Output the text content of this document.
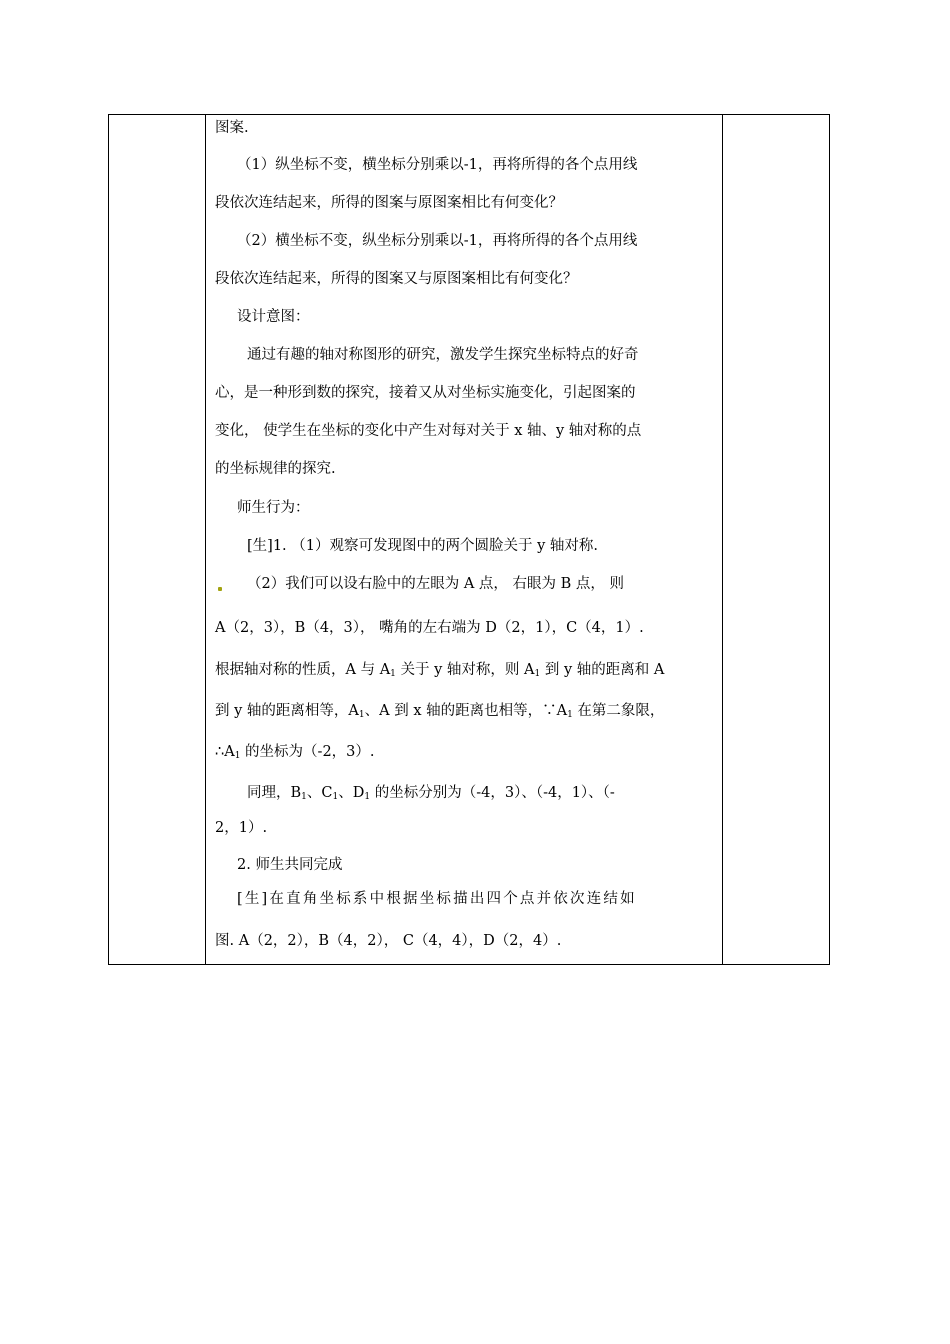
图案.
（1）纵坐标不变，横坐标分别乘以-1，再将所得的各个点用线
段依次连结起来，所得的图案与原图案相比有何变化？
（2）横坐标不变，纵坐标分别乘以-1，再将所得的各个点用线
段依次连结起来，所得的图案又与原图案相比有何变化？
设计意图：
通过有趣的轴对称图形的研究，激发学生探究坐标特点的好奇
心，是一种形到数的探究，接着又从对坐标实施变化，引起图案的
变化， 使学生在坐标的变化中产生对每对关于 x 轴、y 轴对称的点
的坐标规律的探究.
师生行为：
[生]1. （1）观察可发现图中的两个圆脸关于 y 轴对称.
（2）我们可以设右脸中的左眼为 A 点， 右眼为 B 点， 则
A（2，3），B（4，3）， 嘴角的左右端为 D（2，1），C（4，1）.
根据轴对称的性质，A 与 $A_1$ 关于 y 轴对称，则 $A_1$ 到 y 轴的距离和 A
到 y 轴的距离相等，$A_1$、A 到 x 轴的距离也相等，$\because A_1$ 在第二象限，
$\therefore A_1$ 的坐标为（-2，3）.
同理，$B_1$、$C_1$、$D_1$ 的坐标分别为（-4，3）、（-4，1）、（-
2，1）.
2. 师生共同完成
[生]在直角坐标系中根据坐标描出四个点并依次连结如
图. A（2，2），B（4，2）， C（4，4），D（2，4）.
